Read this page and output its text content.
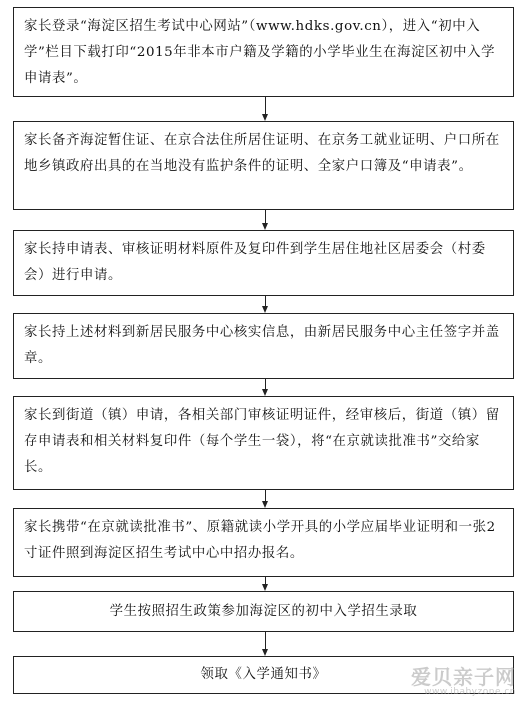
家长登录“海淀区招生考试中心网站”（www.hdks.gov.cn），进入“初中入学”栏目下载打印“2015年非本市户籍及学籍的小学毕业生在海淀区初中入学申请表”。
家长备齐海淀暂住证、在京合法住所居住证明、在京务工就业证明、户口所在地乡镇政府出具的在当地没有监护条件的证明、全家户口簿及“申请表”。
家长持申请表、审核证明材料原件及复印件到学生居住地社区居委会（村委会）进行申请。
家长持上述材料到新居民服务中心核实信息，由新居民服务中心主任签字并盖章。
家长到街道（镇）申请，各相关部门审核证明证件，经审核后，街道（镇）留存申请表和相关材料复印件（每个学生一袋），将“在京就读批准书”交给家长。
家长携带“在京就读批准书”、原籍就读小学开具的小学应届毕业证明和一张2寸证件照到海淀区招生考试中心中招办报名。
学生按照招生政策参加海淀区的初中入学招生录取
领取《入学通知书》	爱贝亲子网
www.ibabyzone.cn
